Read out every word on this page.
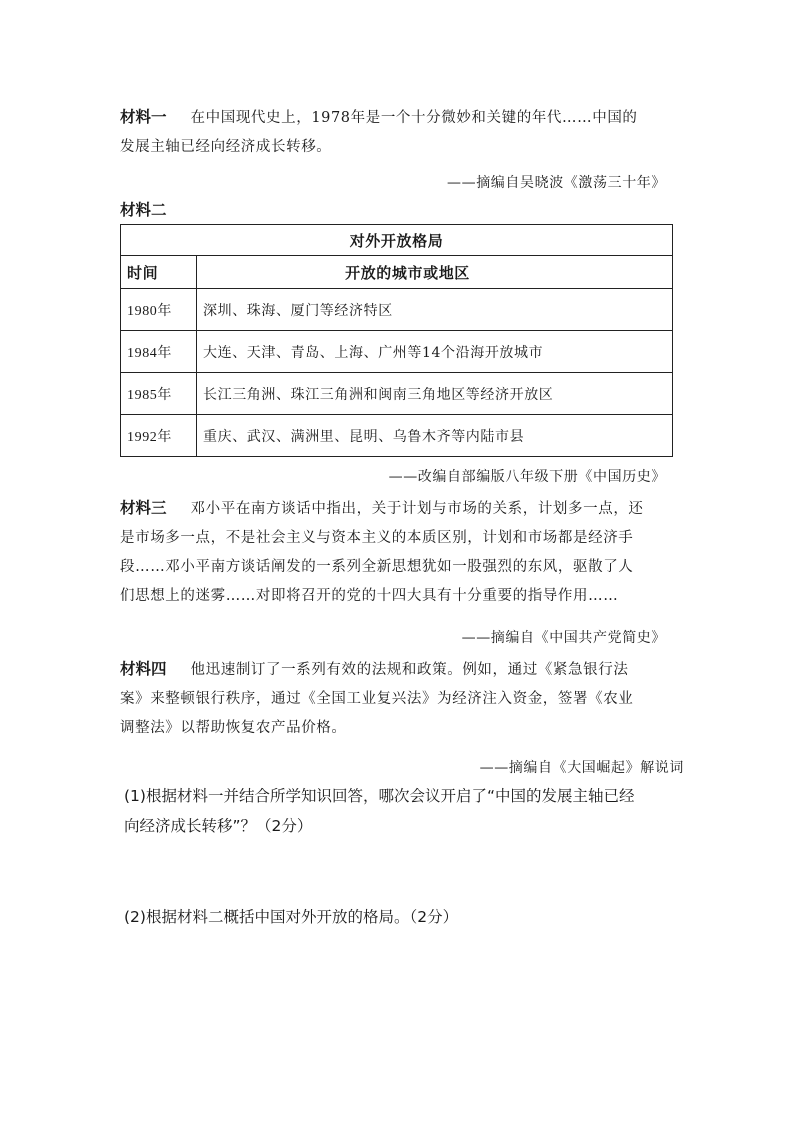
材料一 在中国现代史上，1978年是一个十分微妙和关键的年代……中国的
发展主轴已经向经济成长转移。
——摘编自吴晓波《激荡三十年》
材料二
对外开放格局	
时间	开放的城市或地区
1980年	深圳、珠海、厦门等经济特区
1984年	大连、天津、青岛、上海、广州等14个沿海开放城市
1985年	长江三角洲、珠江三角洲和闽南三角地区等经济开放区
1992年	重庆、武汉、满洲里、昆明、乌鲁木齐等内陆市县
——改编自部编版八年级下册《中国历史》
材料三 邓小平在南方谈话中指出，关于计划与市场的关系，计划多一点，还
是市场多一点，不是社会主义与资本主义的本质区别，计划和市场都是经济手
段……邓小平南方谈话阐发的一系列全新思想犹如一股强烈的东风，驱散了人
们思想上的迷雾……对即将召开的党的十四大具有十分重要的指导作用……
——摘编自《中国共产党简史》
材料四 他迅速制订了一系列有效的法规和政策。例如，通过《紧急银行法
案》来整顿银行秩序，通过《全国工业复兴法》为经济注入资金，签署《农业
调整法》以帮助恢复农产品价格。
——摘编自《大国崛起》解说词
(1)根据材料一并结合所学知识回答，哪次会议开启了“中国的发展主轴已经
向经济成长转移”？（2分）
(2)根据材料二概括中国对外开放的格局。（2分）
